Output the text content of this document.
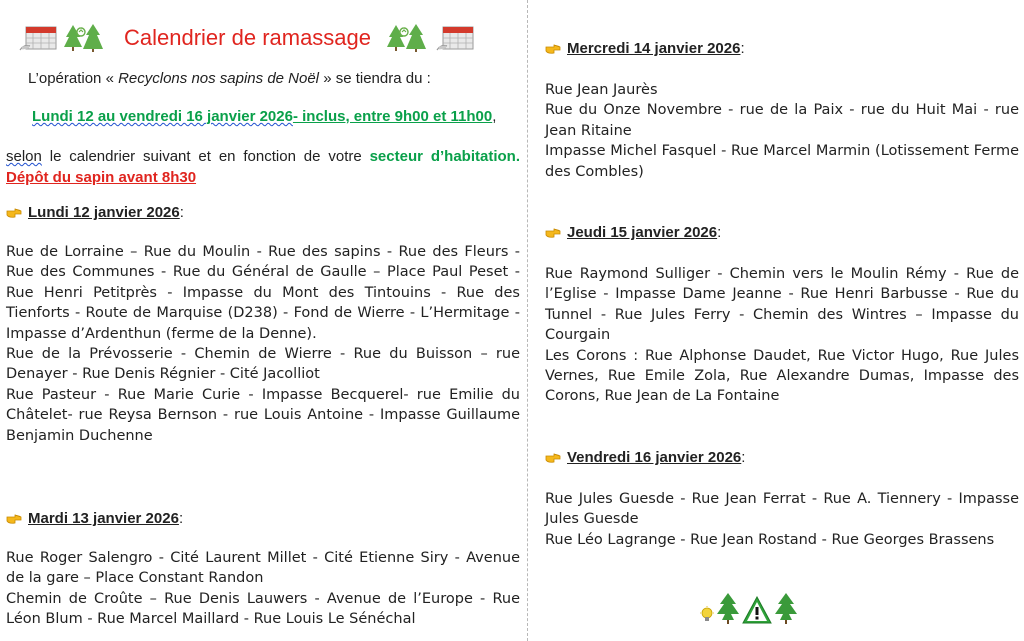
Calendrier de ramassage
L’opération « Recyclons nos sapins de Noël » se tiendra du :
Lundi 12 au vendredi 16 janvier 2026- inclus, entre 9h00 et 11h00,
selon le calendrier suivant et en fonction de votre secteur d’habitation. Dépôt du sapin avant 8h30
Lundi 12 janvier 2026 :

Rue de Lorraine – Rue du Moulin - Rue des sapins - Rue des Fleurs - Rue des Communes - Rue du Général de Gaulle – Place Paul Peset - Rue Henri Petitprès - Impasse du Mont des Tintouins - Rue des Tienforts - Route de Marquise (D238) - Fond de Wierre - L’Hermitage - Impasse d’Ardenthun (ferme de la Denne).

Rue de la Prévosserie - Chemin de Wierre - Rue du Buisson – rue Denayer - Rue Denis Régnier - Cité Jacolliot

Rue Pasteur - Rue Marie Curie - Impasse Becquerel- rue Emilie du Châtelet- rue Reysa Bernson - rue Louis Antoine - Impasse Guillaume Benjamin Duchenne

Mardi 13 janvier 2026 :

Rue Roger Salengro - Cité Laurent Millet - Cité Etienne Siry - Avenue de la gare – Place Constant Randon

Chemin de Croûte – Rue Denis Lauwers - Avenue de l’Europe - Rue Léon Blum - Rue Marcel Maillard - Rue Louis Le Sénéchal

Mercredi 14 janvier 2026 :

Rue Jean Jaurès

Rue du Onze Novembre - rue de la Paix - rue du Huit Mai - rue Jean Ritaine

Impasse Michel Fasquel - Rue Marcel Marmin (Lotissement Ferme des Combles)

Jeudi 15 janvier 2026 :

Rue Raymond Sulliger - Chemin vers le Moulin Rémy - Rue de l’Eglise - Impasse Dame Jeanne - Rue Henri Barbusse - Rue du Tunnel - Rue Jules Ferry - Chemin des Wintres – Impasse du Courgain

Les Corons : Rue Alphonse Daudet, Rue Victor Hugo, Rue Jules Vernes, Rue Emile Zola, Rue Alexandre Dumas, Impasse des Corons, Rue Jean de La Fontaine

Vendredi 16 janvier 2026 :

Rue Jules Guesde - Rue Jean Ferrat - Rue A. Tiennery - Impasse Jules Guesde

Rue Léo Lagrange - Rue Jean Rostand - Rue Georges Brassens
